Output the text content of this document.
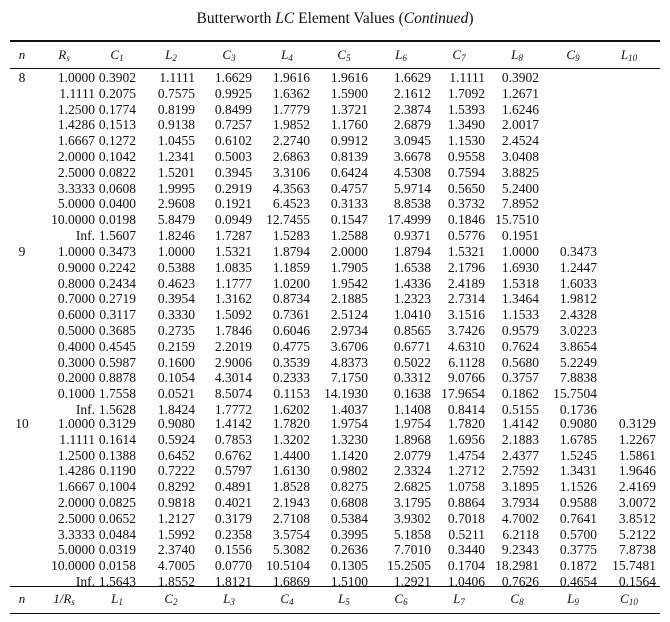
Butterworth LC Element Values (Continued)
n	$R_s$	$C_1$	$L_2$	$C_3$	$L_4$	$C_5$	$L_6$	$C_7$	$L_8$	$C_9$	$L_{10}$
n	$1/R_s$	$L_1$	$C_2$	$L_3$	$C_4$	$L_5$	$C_6$	$L_7$	$C_8$	$L_9$	$C_{10}$
8	1.0000 0.3902 1.1111 1.6629 1.9616 1.9616 1.6629 1.1111 0.3902
1.1111 0.2075 0.7575 0.9925 1.6362 1.5900 2.1612 1.7092 1.2671
1.2500 0.1774 0.8199 0.8499 1.7779 1.3721 2.3874 1.5393 1.6246
1.4286 0.1513 0.9138 0.7257 1.9852 1.1760 2.6879 1.3490 2.0017
1.6667 0.1272 1.0455 0.6102 2.2740 0.9912 3.0945 1.1530 2.4524
2.0000 0.1042 1.2341 0.5003 2.6863 0.8139 3.6678 0.9558 3.0408
2.5000 0.0822 1.5201 0.3945 3.3106 0.6424 4.5308 0.7594 3.8825
3.3333 0.0608 1.9995 0.2919 4.3563 0.4757 5.9714 0.5650 5.2400
5.0000 0.0400 2.9608 0.1921 6.4523 0.3133 8.8538 0.3732 7.8952
10.0000 0.0198 5.8479 0.0949 12.7455 0.1547 17.4999 0.1846 15.7510
Inf. 1.5607 1.8246 1.7287 1.5283 1.2588 0.9371 0.5776 0.1951
9	1.0000 0.3473 1.0000 1.5321 1.8794 2.0000 1.8794 1.5321 1.0000 0.3473
0.9000 0.2242 0.5388 1.0835 1.1859 1.7905 1.6538 2.1796 1.6930 1.2447
0.8000 0.2434 0.4623 1.1777 1.0200 1.9542 1.4336 2.4189 1.5318 1.6033
0.7000 0.2719 0.3954 1.3162 0.8734 2.1885 1.2323 2.7314 1.3464 1.9812
0.6000 0.3117 0.3330 1.5092 0.7361 2.5124 1.0410 3.1516 1.1533 2.4328
0.5000 0.3685 0.2735 1.7846 0.6046 2.9734 0.8565 3.7426 0.9579 3.0223
0.4000 0.4545 0.2159 2.2019 0.4775 3.6706 0.6771 4.6310 0.7624 3.8654
0.3000 0.5987 0.1600 2.9006 0.3539 4.8373 0.5022 6.1128 0.5680 5.2249
0.2000 0.8878 0.1054 4.3014 0.2333 7.1750 0.3312 9.0766 0.3757 7.8838
0.1000 1.7558 0.0521 8.5074 0.1153 14.1930 0.1638 17.9654 0.1862 15.7504
Inf. 1.5628 1.8424 1.7772 1.6202 1.4037 1.1408 0.8414 0.5155 0.1736
10 1.0000 0.3129 0.9080 1.4142 1.7820 1.9754 1.9754 1.7820 1.4142 0.9080 0.3129
1.1111 0.1614 0.5924 0.7853 1.3202 1.3230 1.8968 1.6956 2.1883 1.6785 1.2267
1.2500 0.1388 0.6452 0.6762 1.4400 1.1420 2.0779 1.4754 2.4377 1.5245 1.5861
1.4286 0.1190 0.7222 0.5797 1.6130 0.9802 2.3324 1.2712 2.7592 1.3431 1.9646
1.6667 0.1004 0.8292 0.4891 1.8528 0.8275 2.6825 1.0758 3.1895 1.1526 2.4169
2.0000 0.0825 0.9818 0.4021 2.1943 0.6808 3.1795 0.8864 3.7934 0.9588 3.0072
2.5000 0.0652 1.2127 0.3179 2.7108 0.5384 3.9302 0.7018 4.7002 0.7641 3.8512
3.3333 0.0484 1.5992 0.2358 3.5754 0.3995 5.1858 0.5211 6.2118 0.5700 5.2122
5.0000 0.0319 2.3740 0.1556 5.3082 0.2636 7.7010 0.3440 9.2343 0.3775 7.8738
10.0000 0.0158 4.7005 0.0770 10.5104 0.1305 15.2505 0.1704 18.2981 0.1872 15.7481
Inf. 1.5643 1.8552 1.8121 1.6869 1.5100 1.2921 1.0406 0.7626 0.4654 0.1564
